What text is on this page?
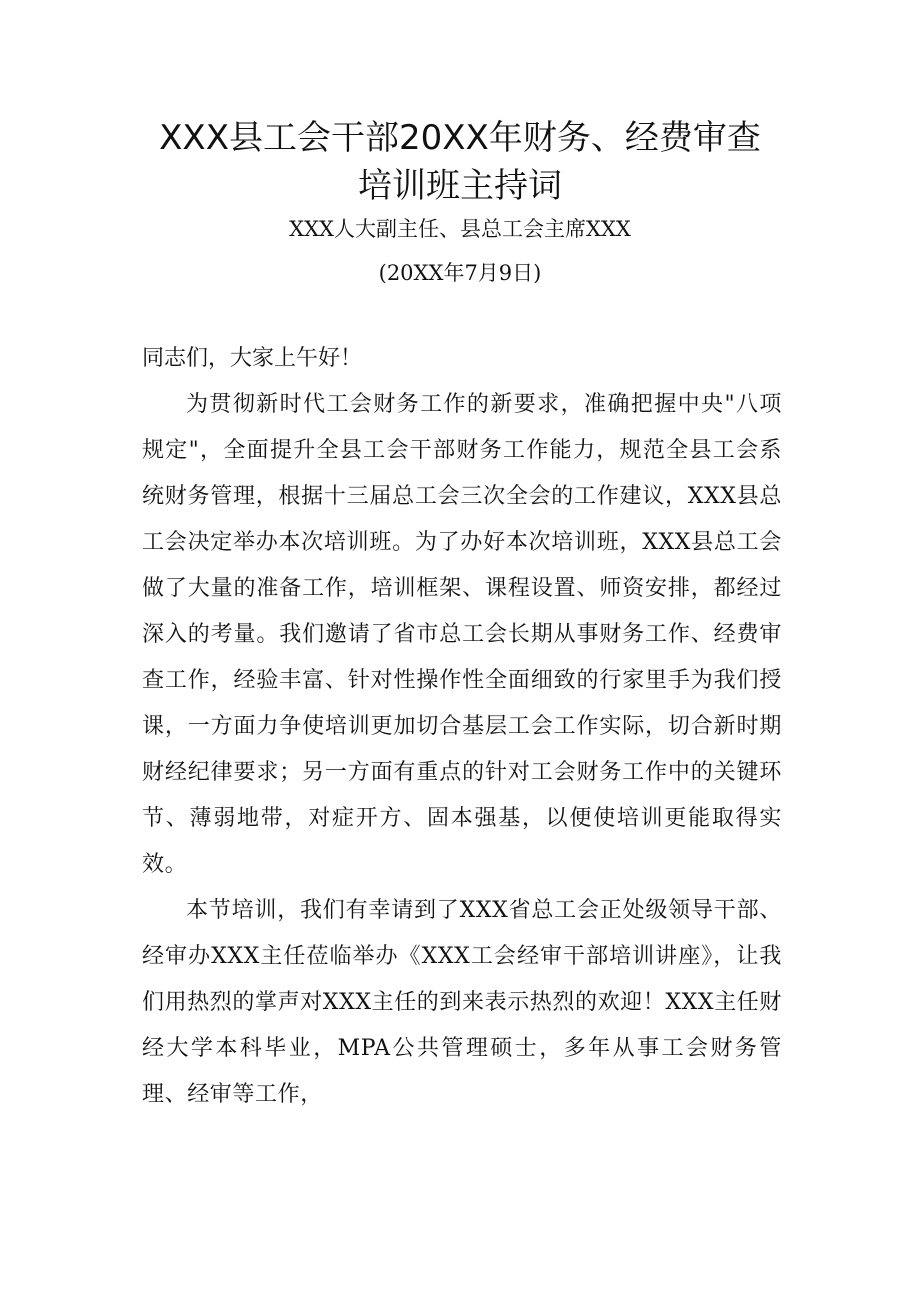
XXX县工会干部20XX年财务、经费审查
培训班主持词
XXX人大副主任、县总工会主席XXX
(20XX年7月9日)

同志们，大家上午好！

为贯彻新时代工会财务工作的新要求，准确把握中央"八项规定"，全面提升全县工会干部财务工作能力，规范全县工会系统财务管理，根据十三届总工会三次全会的工作建议，XXX县总工会决定举办本次培训班。为了办好本次培训班，XXX县总工会做了大量的准备工作，培训框架、课程设置、师资安排，都经过深入的考量。我们邀请了省市总工会长期从事财务工作、经费审查工作，经验丰富、针对性操作性全面细致的行家里手为我们授课，一方面力争使培训更加切合基层工会工作实际，切合新时期财经纪律要求；另一方面有重点的针对工会财务工作中的关键环节、薄弱地带，对症开方、固本强基，以便使培训更能取得实效。

本节培训，我们有幸请到了XXX省总工会正处级领导干部、经审办XXX主任莅临举办《XXX工会经审干部培训讲座》，让我们用热烈的掌声对XXX主任的到来表示热烈的欢迎！XXX主任财经大学本科毕业，MPA公共管理硕士，多年从事工会财务管理、经审等工作，
